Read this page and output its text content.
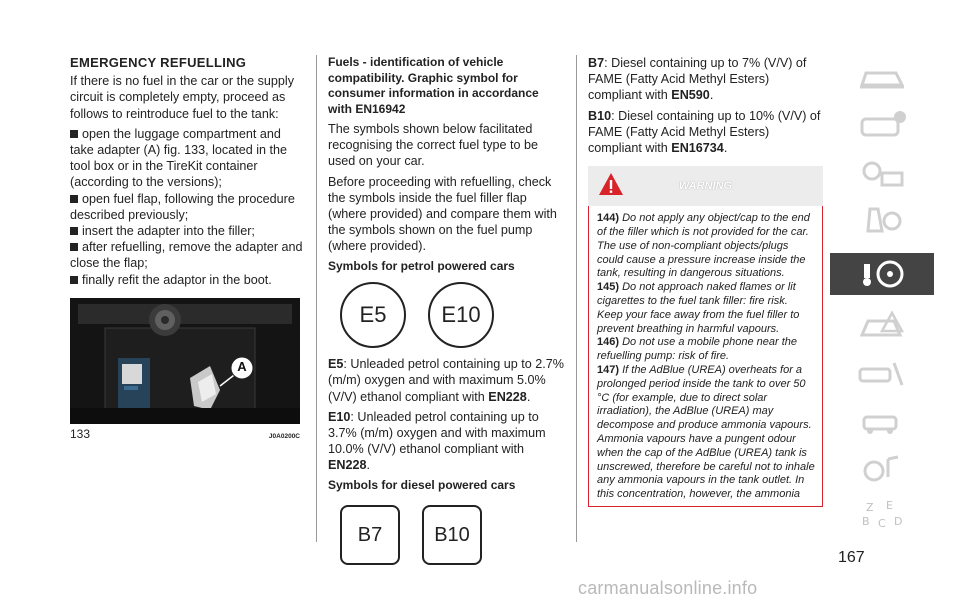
EMERGENCY REFUELLING

If there is no fuel in the car or the supply circuit is completely empty, proceed as follows to reintroduce fuel to the tank:

open the luggage compartment and take adapter (A) fig. 133, located in the tool box or in the TireKit container (according to the versions);
open fuel flap, following the procedure described previously;
insert the adapter into the filler;
after refuelling, remove the adapter and close the flap;
finally refit the adaptor in the boot.
A
133	J0A0200C
Fuels - identification of vehicle compatibility. Graphic symbol for consumer information in accordance with EN16942

The symbols shown below facilitated recognising the correct fuel type to be used on your car.

Before proceeding with refuelling, check the symbols inside the fuel filler flap (where provided) and compare them with the symbols shown on the fuel pump (where provided).

Symbols for petrol powered cars
E5	E10

E5: Unleaded petrol containing up to 2.7% (m/m) oxygen and with maximum 5.0% (V/V) ethanol compliant with EN228.

E10: Unleaded petrol containing up to 3.7% (m/m) oxygen and with maximum 10.0% (V/V) ethanol compliant with EN228.

Symbols for diesel powered cars
B7	B10

B7: Diesel containing up to 7% (V/V) of FAME (Fatty Acid Methyl Esters) compliant with EN590.

B10: Diesel containing up to 10% (V/V) of FAME (Fatty Acid Methyl Esters) compliant with EN16734.

WARNING

144) Do not apply any object/cap to the end of the filler which is not provided for the car. The use of non-compliant objects/plugs could cause a pressure increase inside the tank, resulting in dangerous situations.

145) Do not approach naked flames or lit cigarettes to the fuel tank filler: fire risk. Keep your face away from the fuel filler to prevent breathing in harmful vapours.

146) Do not use a mobile phone near the refuelling pump: risk of fire.

147) If the AdBlue (UREA) overheats for a prolonged period inside the tank to over 50 °C (for example, due to direct solar irradiation), the AdBlue (UREA) may decompose and produce ammonia vapours. Ammonia vapours have a pungent odour when the cap of the AdBlue (UREA) tank is unscrewed, therefore be careful not to inhale any ammonia vapours in the tank outlet. In this concentration, however, the ammonia

Z E
B C D
167
carmanualsonline.info
